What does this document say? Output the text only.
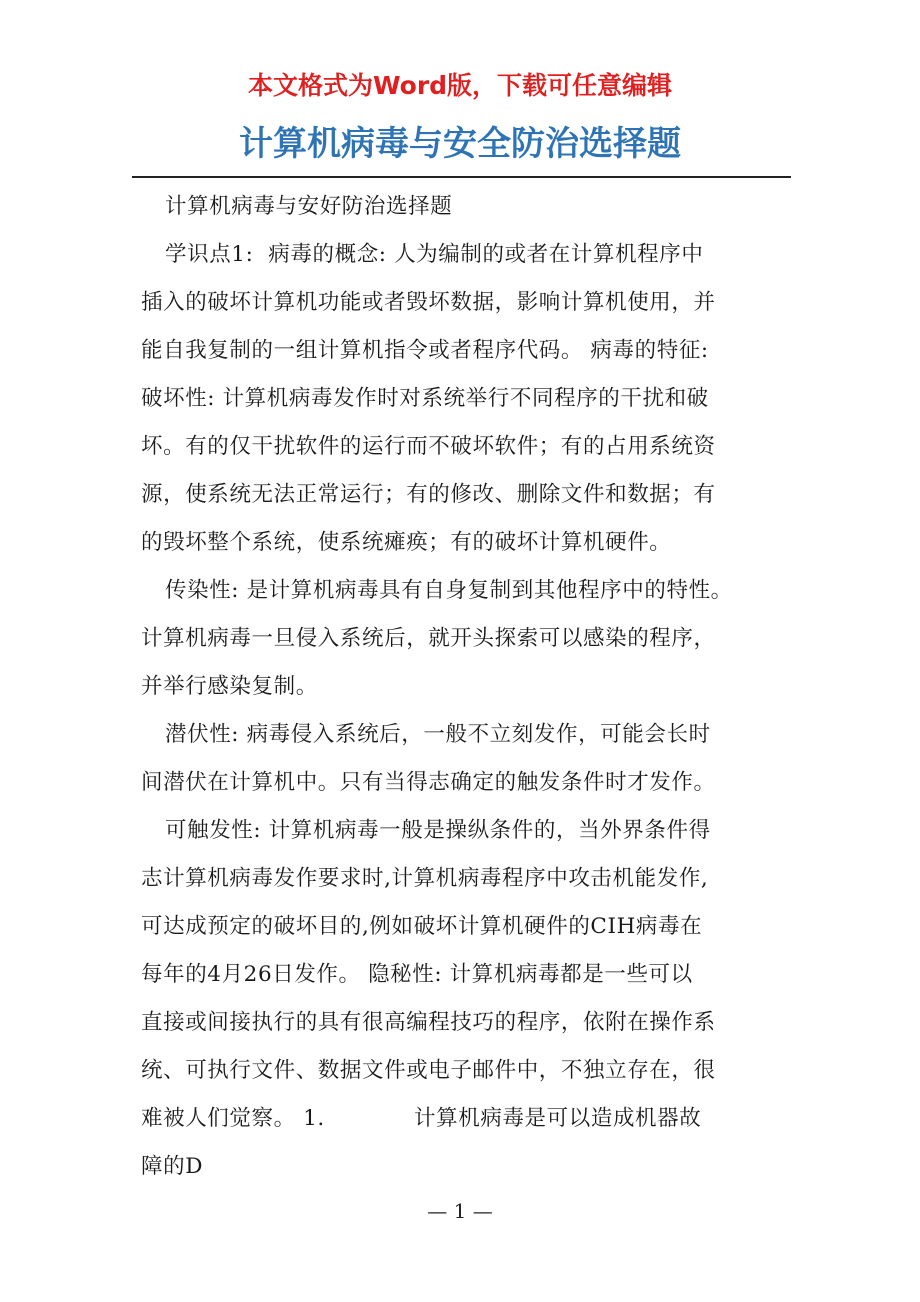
本文格式为Word版，下载可任意编辑

计算机病毒与安全防治选择题

计算机病毒与安好防治选择题

学识点1:  病毒的概念: 人为编制的或者在计算机程序中

插入的破坏计算机功能或者毁坏数据，影响计算机使用，并

能自我复制的一组计算机指令或者程序代码。 病毒的特征:

破坏性: 计算机病毒发作时对系统举行不同程序的干扰和破

坏。有的仅干扰软件的运行而不破坏软件；有的占用系统资

源，使系统无法正常运行；有的修改、删除文件和数据；有

的毁坏整个系统，使系统瘫痪；有的破坏计算机硬件。

传染性: 是计算机病毒具有自身复制到其他程序中的特性。

计算机病毒一旦侵入系统后，就开头探索可以感染的程序，

并举行感染复制。

潜伏性: 病毒侵入系统后，一般不立刻发作，可能会长时

间潜伏在计算机中。只有当得志确定的触发条件时才发作。

可触发性: 计算机病毒一般是操纵条件的，当外界条件得

志计算机病毒发作要求时,计算机病毒程序中攻击机能发作,

可达成预定的破坏目的,例如破坏计算机硬件的CIH病毒在

每年的4月26日发作。 隐秘性: 计算机病毒都是一些可以

直接或间接执行的具有很高编程技巧的程序，依附在操作系

统、可执行文件、数据文件或电子邮件中，不独立存在，很

难被人们觉察。 1.            计算机病毒是可以造成机器故

障的D

— 1 —
